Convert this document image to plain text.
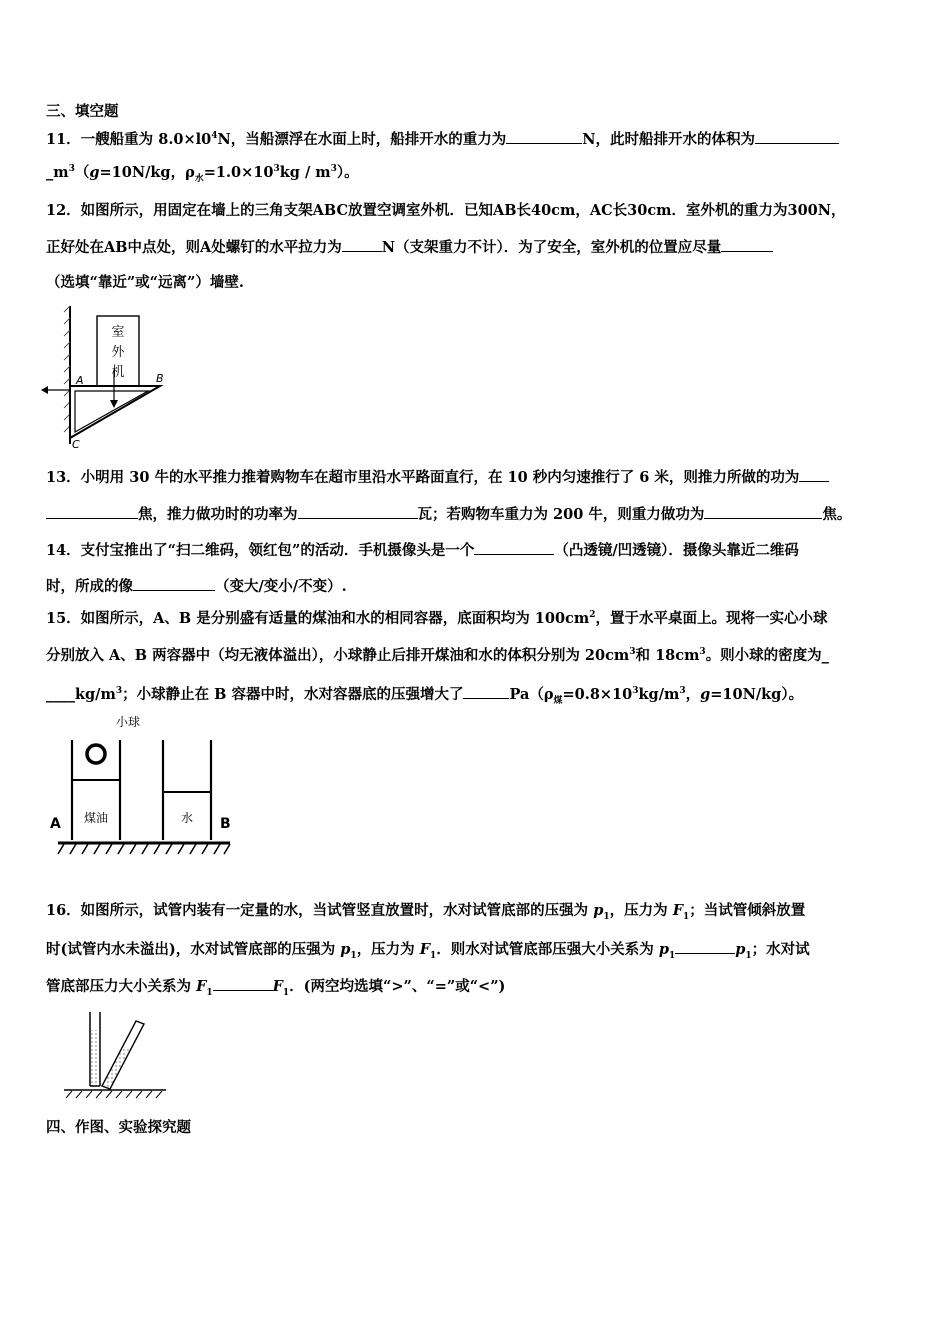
三、填空题
11．一艘船重为 $8.0\times l0^4N$，当船漂浮在水面上时，船排开水的重力为	N，此时船排开水的体积为
$\_m^3(g=10N/kg$，$\rho_水=1.0\times 10^3kg / m^3$）。
12．如图所示，用固定在墙上的三角支架ABC放置空调室外机．已知AB长40cm，AC长30cm．室外机的重力为300N，
正好处在AB中点处，则A处螺钉的水平拉力为	N（支架重力不计）．为了安全，室外机的位置应尽量
（选填“靠近”或“远离”）墙壁.
室
外
机
A	B
C
13．小明用 30 牛的水平推力推着购物车在超市里沿水平路面直行，在 10 秒内匀速推行了 6 米，则推力所做的功为
焦，推力做功时的功率为	瓦；若购物车重力为 200 牛，则重力做功为	焦。
14．支付宝推出了“扫二维码，领红包”的活动．手机摄像头是一个	（凸透镜/凹透镜）．摄像头靠近二维码
时，所成的像	（变大/变小/不变）.
15．如图所示，A、B 是分别盛有适量的煤油和水的相同容器，底面积均为 $100cm^2$，置于水平桌面上。现将一实心小球
分别放入 A、B 两容器中（均无液体溢出），小球静止后排开煤油和水的体积分别为 $20cm^3$和 $18cm^3$。则小球的密度为_
$\_\_\_\_kg/m^3$；小球静止在 B 容器中时，水对容器底的压强增大了	$Pa(\rho_煤=0.8\times 10^3kg/m^3$，g=10N/kg）。
小球
煤油	水
A	B
16．如图所示，试管内装有一定量的水，当试管竖直放置时，水对试管底部的压强为 $p_1$，压力为 $F_1$；当试管倾斜放置
时(试管内水未溢出)，水对试管底部的压强为 $p_1$，压力为 $F_1$．则水对试管底部压强大小关系为 $p_1$	$p_1$；水对试
管底部压力大小关系为 $F_1$	$F_1$．(两空均选填“>”、“=”或“<”)
四、作图、实验探究题
